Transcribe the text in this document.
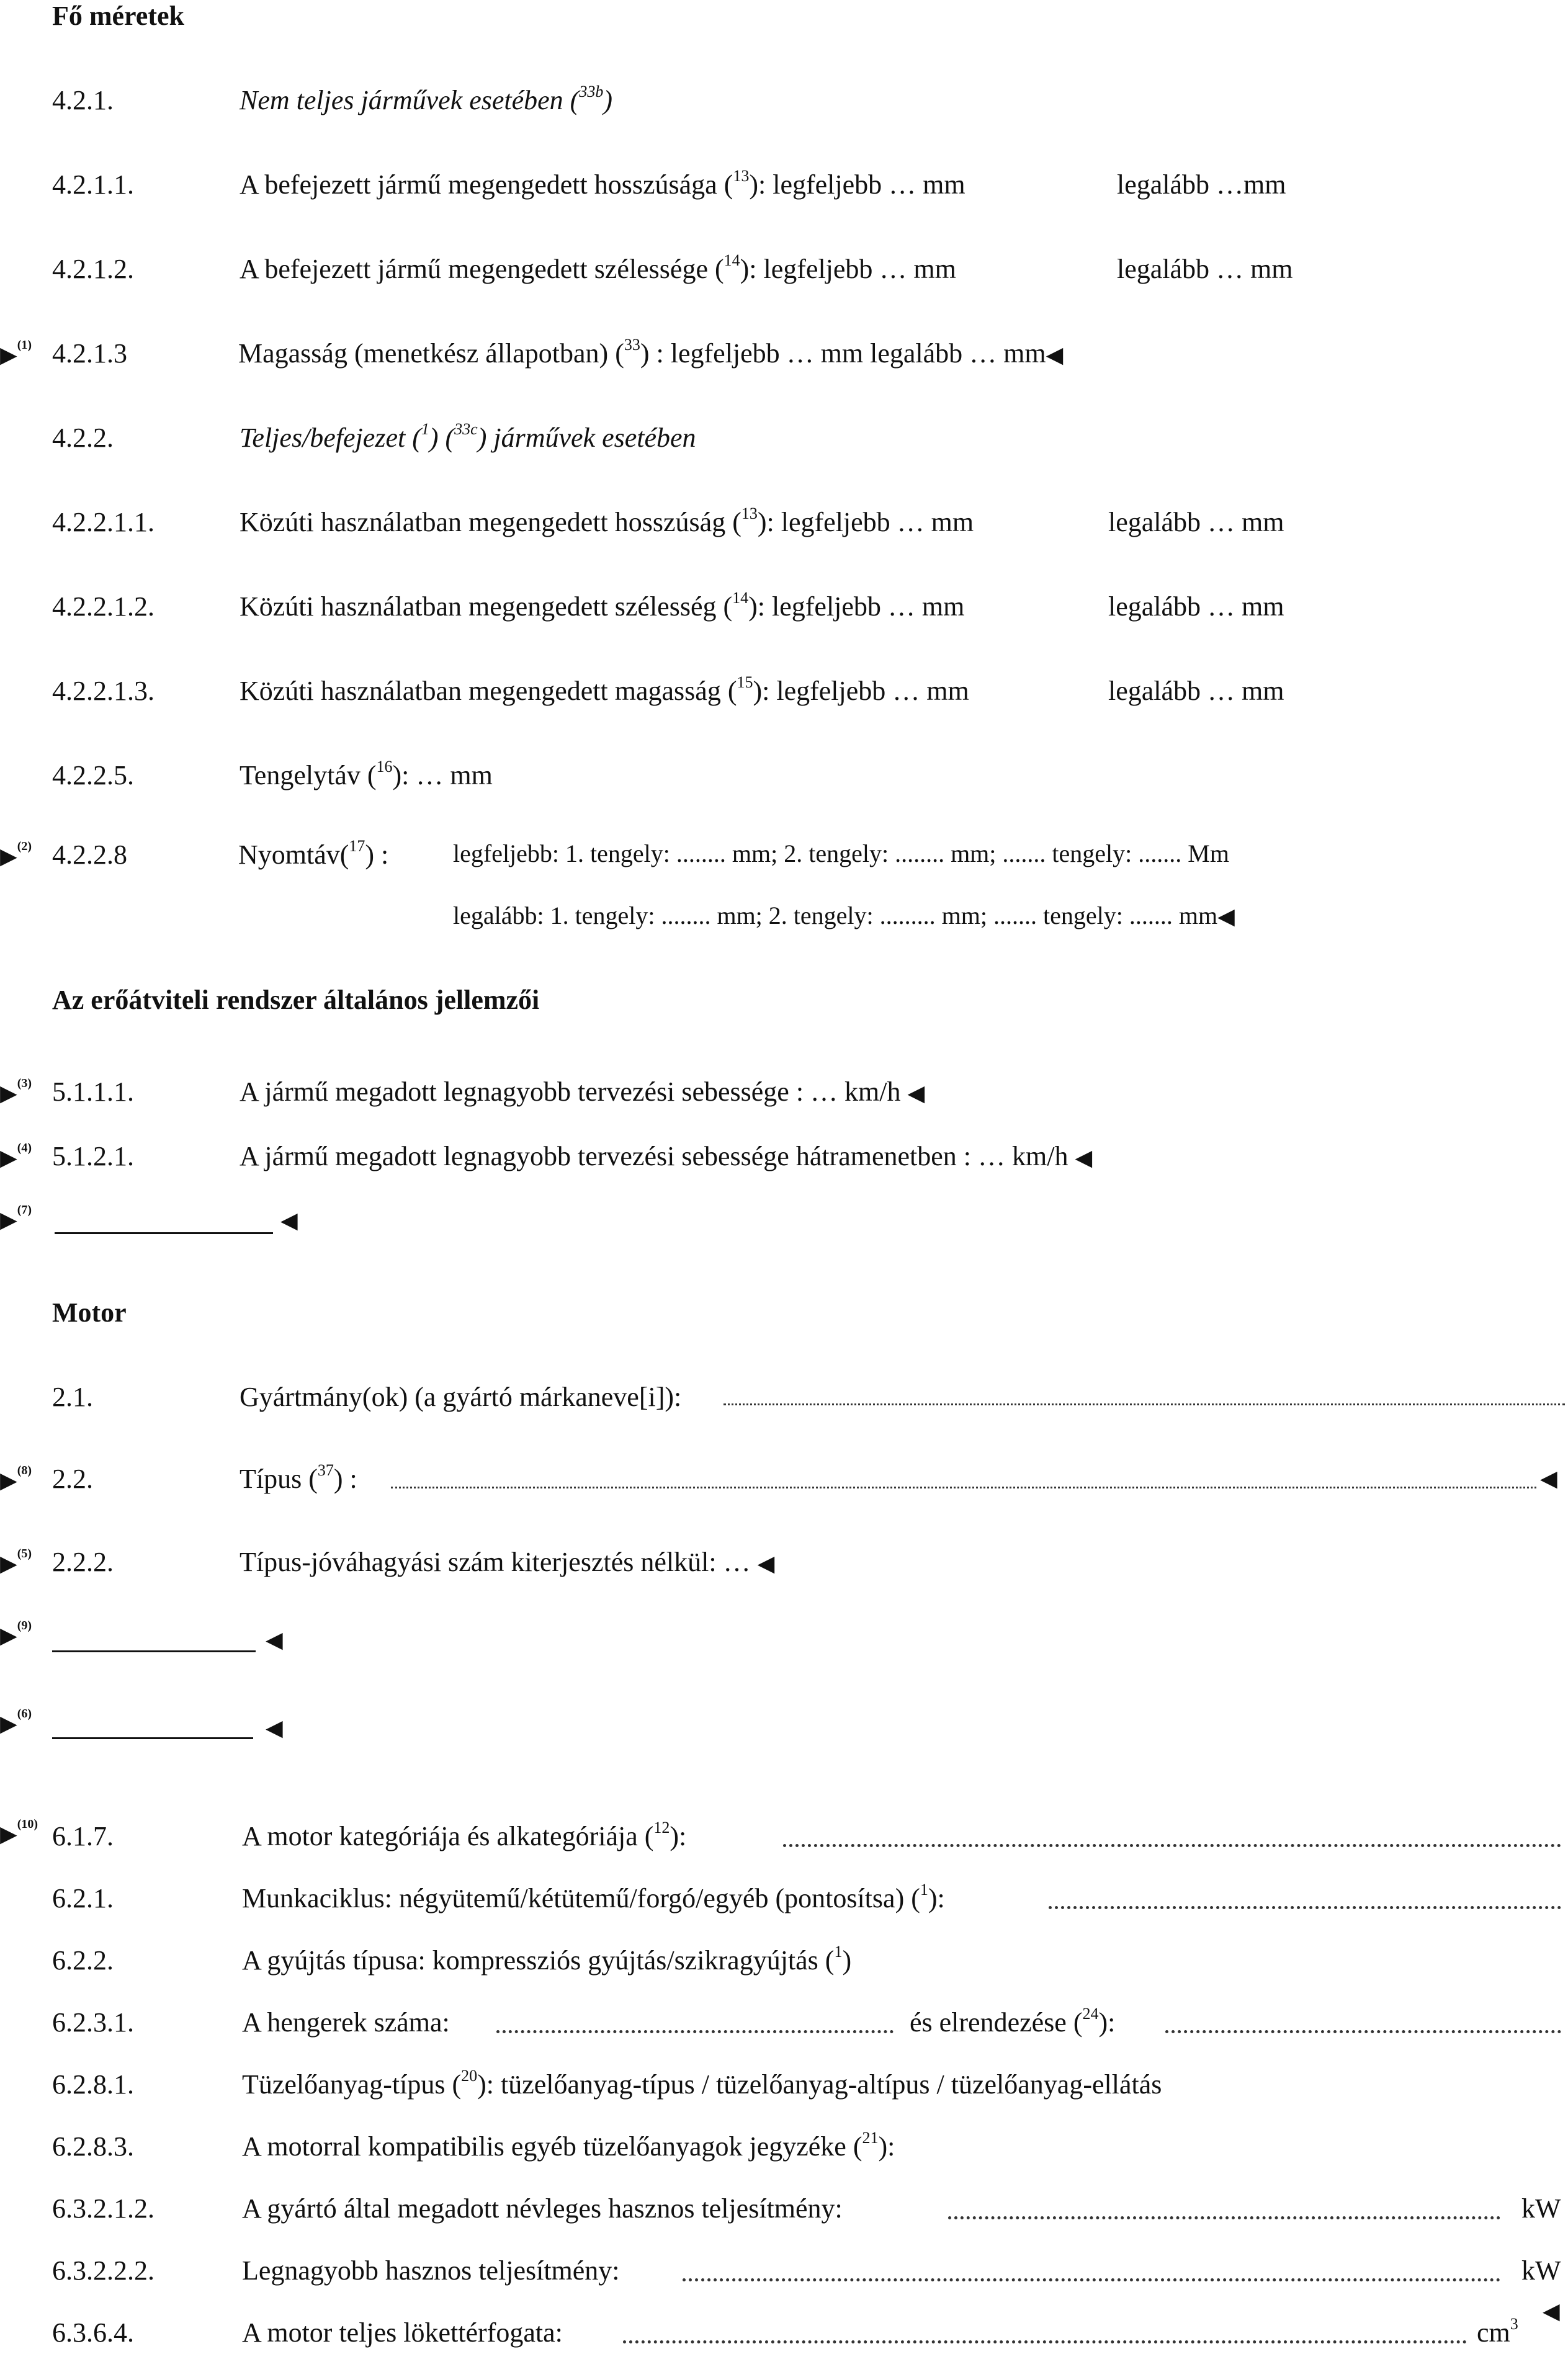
Fő méretek
4.2.1.	Nem teljes járművek esetében ($^{33b}$)
4.2.1.1.	A befejezett jármű megengedett hosszúsága ($^{13}$): legfeljebb … mm	legalább …mm
4.2.1.2.	A befejezett jármű megengedett szélessége ($^{14}$): legfeljebb … mm	legalább … mm
▶$^{(1)}$ 4.2.1.3	Magasság (menetkész állapotban) ($^{33}$) : legfeljebb … mm legalább … mm◀
4.2.2.	Teljes/befejezet ($^1$) ($^{33c}$) járművek esetében
4.2.2.1.1.	Közúti használatban megengedett hosszúság ($^{13}$): legfeljebb … mm	legalább … mm
4.2.2.1.2.	Közúti használatban megengedett szélesség ($^{14}$): legfeljebb … mm	legalább … mm
4.2.2.1.3.	Közúti használatban megengedett magasság ($^{15}$): legfeljebb … mm	legalább … mm
4.2.2.5.	Tengelytáv ($^{16}$): … mm
▶$^{(2)}$ 4.2.2.8	Nyomtáv($^{17}$) :	legfeljebb: 1. tengely: ........ mm; 2. tengely: ........ mm; ....... tengely: ....... Mm
legalább: 1. tengely: ........ mm; 2. tengely: ......... mm; ....... tengely: ....... mm◀
Az erőátviteli rendszer általános jellemzői
▶$^{(3)}$ 5.1.1.1.	A jármű megadott legnagyobb tervezési sebessége : … km/h ◀
▶$^{(4)}$ 5.1.2.1.	A jármű megadott legnagyobb tervezési sebessége hátramenetben : … km/h ◀
▶$^{(7)}$	◀
Motor
2.1.	Gyártmány(ok) (a gyártó márkaneve[i]):
▶$^{(8)}$ 2.2.	Típus ($^{37}$) :	◀
▶$^{(5)}$ 2.2.2.	Típus-jóváhagyási szám kiterjesztés nélkül: … ◀
▶$^{(9)}$
◀
▶$^{(6)}$
◀
▶$^{(10)}$ 6.1.7.	A motor kategóriája és alkategóriája ($^{12}$):
6.2.1.	Munkaciklus: négyütemű/kétütemű/forgó/egyéb (pontosítsa) ($^1$):
6.2.2.	A gyújtás típusa: kompressziós gyújtás/szikragyújtás ($^1$)
6.2.3.1.	A hengerek száma:	és elrendezése ($^{24}$):
6.2.8.1.	Tüzelőanyag-típus ($^{20}$): tüzelőanyag-típus / tüzelőanyag-altípus / tüzelőanyag-ellátás
6.2.8.3.	A motorral kompatibilis egyéb tüzelőanyagok jegyzéke ($^{21}$):
6.3.2.1.2.	A gyártó által megadott névleges hasznos teljesítmény:	kW
6.3.2.2.2.	Legnagyobb hasznos teljesítmény:	kW
6.3.6.4.	A motor teljes lökettérfogata:	$cm^3$ ◀
